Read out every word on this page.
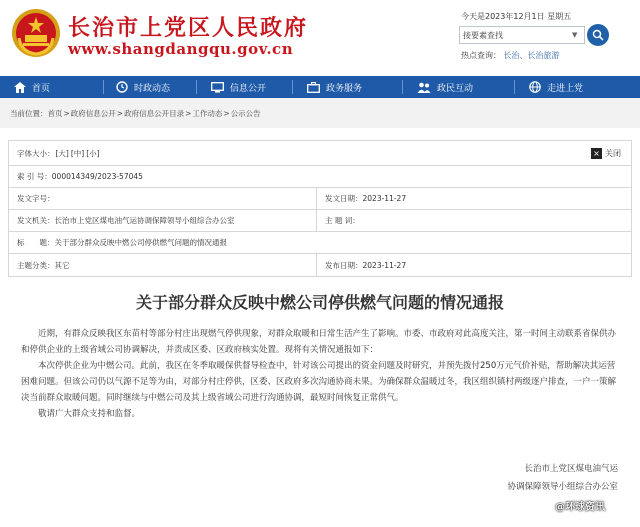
长治市上党区人民政府
www.shangdangqu.gov.cn
今天是2023年12月1日 星期五
接要素查找
▼
热点查询： 长治、长治旅游
首页	时政动态	信息公开	政务服务	政民互动	走进上党
当前位置： 首页 > 政府信息公开 > 政府信息公开目录 > 工作动态 > 公示公告
字体大小： [大] [中] [小]	× 关闭
索 引 号： 000014349/2023-57045
发文字号：	发文日期： 2023-11-27
发文机关： 长治市上党区煤电油气运协调保障领导小组综合办公室	主 题 词：
标　　题： 关于部分群众反映中燃公司停供燃气问题的情况通报
主题分类： 其它	发布日期： 2023-11-27
关于部分群众反映中燃公司停供燃气问题的情况通报

近期，有群众反映我区东苗村等部分村庄出现燃气停供现象，对群众取暖和日常生活产生了影响。市委、市政府对此高度关注，第一时间主动联系省保供办和停供企业的上级省域公司协调解决，并责成区委、区政府核实处置。现将有关情况通报如下：

本次停供企业为中燃公司。此前，我区在冬季取暖保供督导检查中，针对该公司提出的资金问题及时研究，并预先拨付250万元气价补贴，帮助解决其运营困难问题。但该公司仍以气源不足等为由，对部分村庄停供，区委、区政府多次沟通协商未果。为确保群众温暖过冬，我区组织镇村两级逐户排查，一户一策解决当前群众取暖问题。同时继续与中燃公司及其上级省域公司进行沟通协调，最短时间恢复正常供气。

敬请广大群众支持和监督。

长治市上党区煤电油气运
协调保障领导小组综合办公室
@环球资讯
